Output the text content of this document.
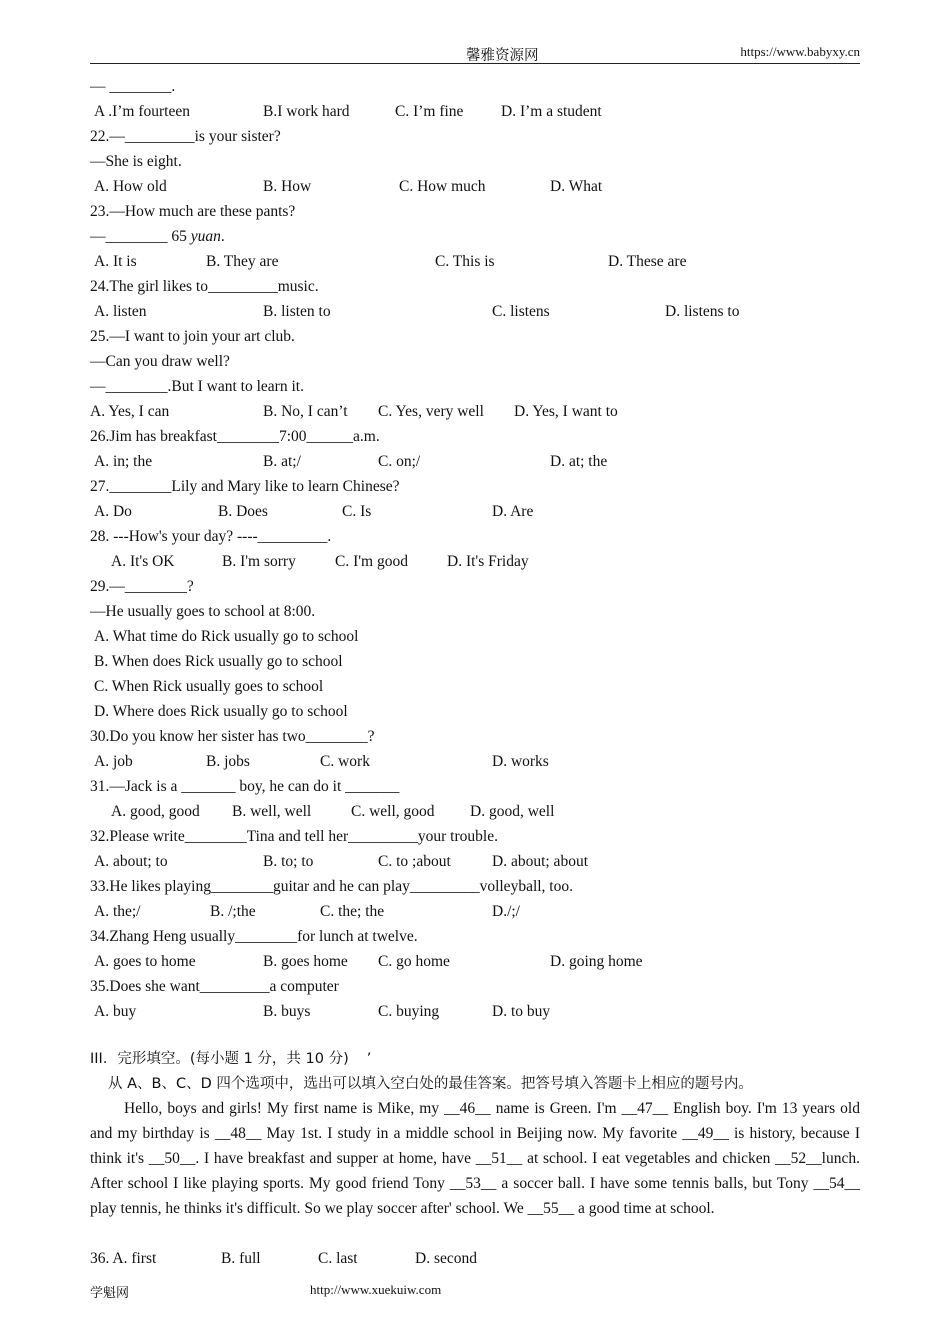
馨雅资源网	https://www.babyxy.cn
— ________.
A .I’m fourteen	B.I work hard	C. I’m fine D. I’m a student
22.—_________is your sister?
—She is eight.
A. How old	B. How	C. How much	D. What
23.—How much are these pants?
—________ 65 yuan.
A. It is	B. They are	C. This is	D. These are
24.The girl likes to_________music.
A. listen	B. listen to	C. listens	D. listens to
25.—I want to join your art club.
—Can you draw well?
—________.But I want to learn it.
A. Yes, I can	B. No, I can’t C. Yes, very well D. Yes, I want to
26.Jim has breakfast________7:00______a.m.
A. in; the	B. at;/	C. on;/	D. at; the
27.________Lily and Mary like to learn Chinese?
A. Do	B. Does	C. Is	D. Are
28. ---How's your day? ----_________.
A. It's OK	B. I'm sorry	C. I'm good	D. It's Friday
29.—________?
—He usually goes to school at 8:00.
A. What time do Rick usually go to school
B. When does Rick usually go to school
C. When Rick usually goes to school
D. Where does Rick usually go to school
30.Do you know her sister has two________?
A. job	B. jobs	C. work	D. works
31.—Jack is a _______ boy, he can do it _______
A. good, good B. well, well	C. well, good D. good, well
32.Please write________Tina and tell her_________your trouble.
A. about; to	B. to; to	C. to ;about	D. about; about
33.He likes playing________guitar and he can play_________volleyball, too.
A. the;/	B. /;the	C. the; the	D./;/
34.Zhang Heng usually________for lunch at twelve.
A. goes to home	B. goes home C. go home	D. going home
35.Does she want_________a computer
A. buy	B. buys	C. buying	D. to buy
III．完形填空。(每小题 1 分，共 10 分) ’
从 A、B、C、D 四个选项中，选出可以填入空白处的最佳答案。把答号填入答题卡上相应的题号内。
Hello, boys and girls! My first name is Mike, my __46__ name is Green. I'm __47__ English boy. I'm 13 years old and my birthday is __48__ May 1st. I study in a middle school in Beijing now. My favorite __49__ is history, because I think it's __50__. I have breakfast and supper at home, have __51__ at school. I eat vegetables and chicken __52__lunch. After school I like playing sports. My good friend Tony __53__ a soccer ball. I have some tennis balls, but Tony __54__ play tennis, he thinks it's difficult. So we play soccer after' school. We __55__ a good time at school.
36. A. first	B. full	C. last	D. second
学魁网	http://www.xuekuiw.com
